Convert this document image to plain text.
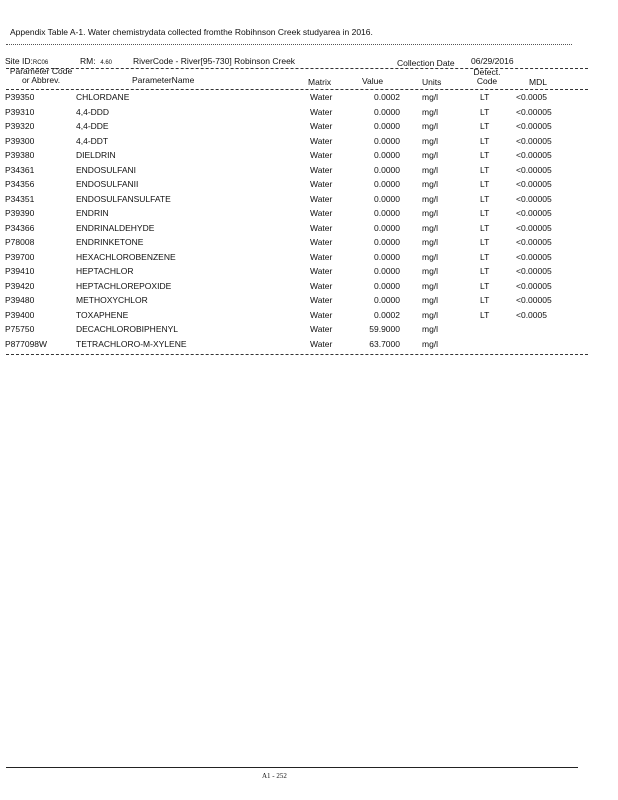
Appendix Table A-1. Water chemistrydata collected fromthe Robihnson Creek studyarea in 2016.
Site ID:RC06	RM: 4.60 RiverCode - River[95-730] Robinson Creek	Collection Date 06/29/2016
Parameter Code
or Abbrev.	ParameterName	Matrix	Value	Units
Detect.
Code	MDL
P39350	CHLORDANE	Water	0.0002	mg/l	LT	<0.0005
P39310	4,4-DDD	Water	0.0000	mg/l	LT	<0.00005
P39320	4,4-DDE	Water	0.0000	mg/l	LT	<0.00005
P39300	4,4-DDT	Water	0.0000	mg/l	LT	<0.00005
P39380	DIELDRIN	Water	0.0000	mg/l	LT	<0.00005
P34361	ENDOSULFANI	Water	0.0000	mg/l	LT	<0.00005
P34356	ENDOSULFANII	Water	0.0000	mg/l	LT	<0.00005
P34351	ENDOSULFANSULFATE	Water	0.0000	mg/l	LT	<0.00005
P39390	ENDRIN	Water	0.0000	mg/l	LT	<0.00005
P34366	ENDRINALDEHYDE	Water	0.0000	mg/l	LT	<0.00005
P78008	ENDRINKETONE	Water	0.0000	mg/l	LT	<0.00005
P39700	HEXACHLOROBENZENE	Water	0.0000	mg/l	LT	<0.00005
P39410	HEPTACHLOR	Water	0.0000	mg/l	LT	<0.00005
P39420	HEPTACHLOREPOXIDE	Water	0.0000	mg/l	LT	<0.00005
P39480	METHOXYCHLOR	Water	0.0000	mg/l	LT	<0.00005
P39400	TOXAPHENE	Water	0.0002	mg/l	LT	<0.0005
P75750	DECACHLOROBIPHENYL	Water	59.9000	mg/l
P877098W	TETRACHLORO-M-XYLENE	Water	63.7000	mg/l
A1 - 252
